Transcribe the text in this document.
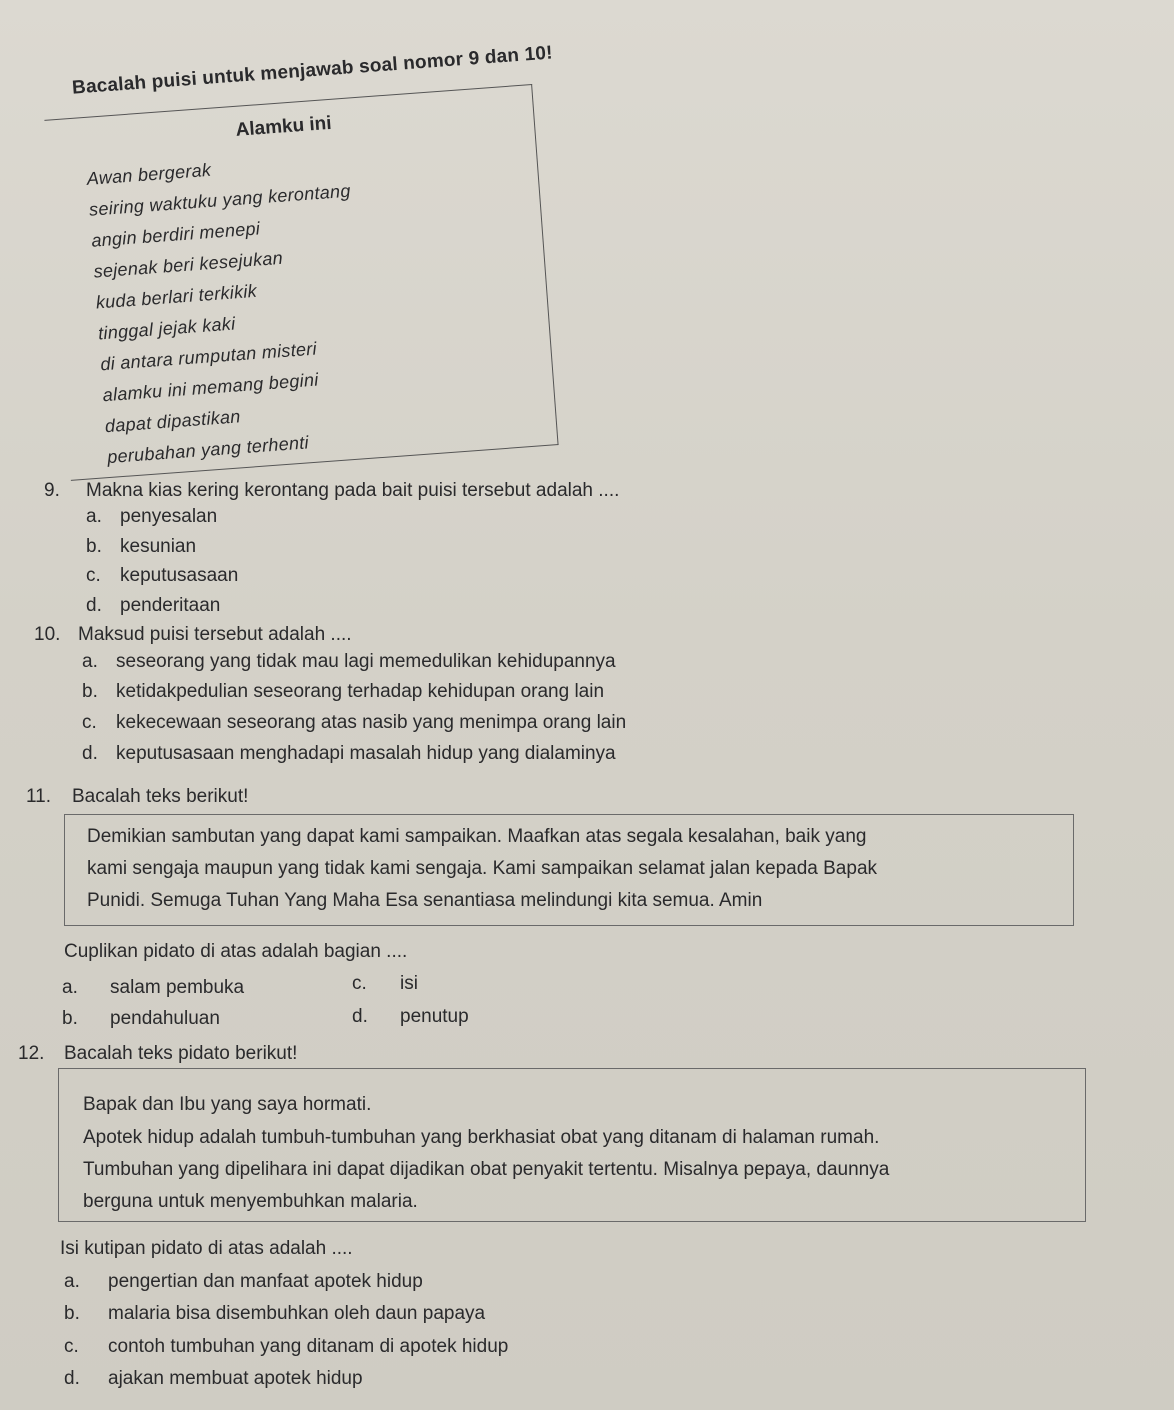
Bacalah puisi untuk menjawab soal nomor 9 dan 10!
Alamku ini
Awan bergerak
seiring waktuku yang kerontang
angin berdiri menepi
sejenak beri kesejukan
kuda berlari terkikik
tinggal jejak kaki
di antara rumputan misteri
alamku ini memang begini
dapat dipastikan
perubahan yang terhenti
9. Makna kias kering kerontang pada bait puisi tersebut adalah ....
a. penyesalan
b. kesunian
c. keputusasaan
d. penderitaan
10. Maksud puisi tersebut adalah ....
a. seseorang yang tidak mau lagi memedulikan kehidupannya
b. ketidakpedulian seseorang terhadap kehidupan orang lain
c. kekecewaan seseorang atas nasib yang menimpa orang lain
d. keputusasaan menghadapi masalah hidup yang dialaminya
11. Bacalah teks berikut!
Demikian sambutan yang dapat kami sampaikan. Maafkan atas segala kesalahan, baik yang
kami sengaja maupun yang tidak kami sengaja. Kami sampaikan selamat jalan kepada Bapak
Punidi. Semuga Tuhan Yang Maha Esa senantiasa melindungi kita semua. Amin
Cuplikan pidato di atas adalah bagian ....
a. salam pembuka
b. pendahuluan
c. isi
d. penutup
12. Bacalah teks pidato berikut!
Bapak dan Ibu yang saya hormati.
Apotek hidup adalah tumbuh-tumbuhan yang berkhasiat obat yang ditanam di halaman rumah.
Tumbuhan yang dipelihara ini dapat dijadikan obat penyakit tertentu. Misalnya pepaya, daunnya
berguna untuk menyembuhkan malaria.
Isi kutipan pidato di atas adalah ....
a. pengertian dan manfaat apotek hidup
b. malaria bisa disembuhkan oleh daun papaya
c. contoh tumbuhan yang ditanam di apotek hidup
d. ajakan membuat apotek hidup
